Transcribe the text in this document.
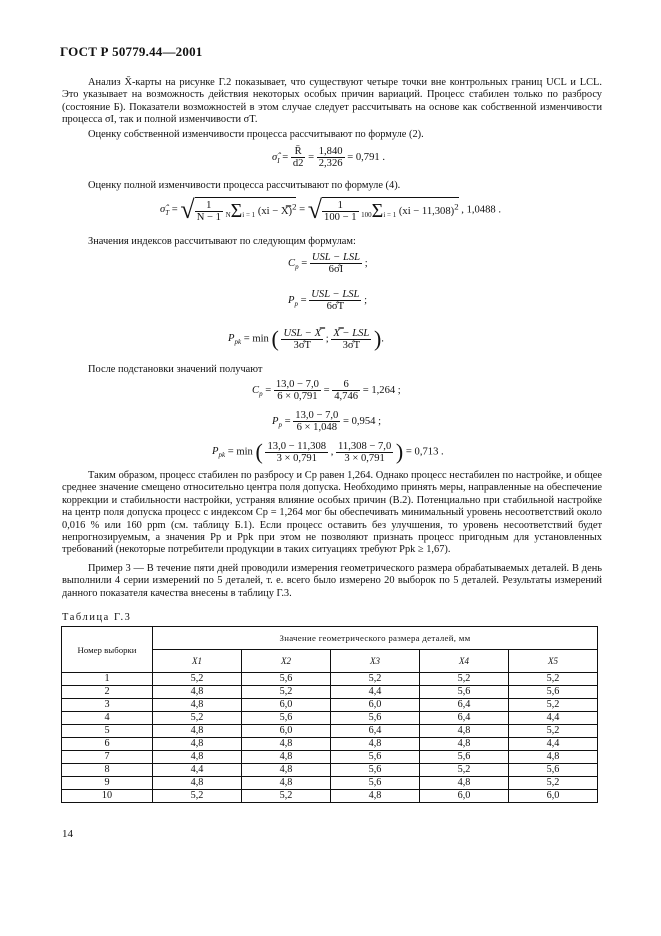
ГОСТ Р 50779.44—2001
Анализ X̄-карты на рисунке Г.2 показывает, что существуют четыре точки вне контрольных границ UCL и LCL. Это указывает на возможность действия некоторых особых причин вариаций. Процесс стабилен только по разбросу (состояние Б). Показатели возможностей в этом случае следует рассчитывать на основе как собственной изменчивости процесса σI, так и полной изменчивости σT.
Оценку собственной изменчивости процесса рассчитывают по формуле (2).
$\sigmâ_I = \frac{R̄}{d2} = \frac{1,840}{2,326} = 0,791$ .
Оценку полной изменчивости процесса рассчитывают по формуле (4).
$\sigmâ_T$ = √ $\frac{1}{N - 1}$ NΣi = 1 (xi − X̿)$^2$ = √ $\frac{1}{100 - 1} 100\Sigma i = 1$ (xi − 11,308)$^2$ , 1,0488 .
Значения индексов рассчитывают по следующим формулам:
$C_p = \frac{\text{USL − LSL}}{6\sigmâI}$ ;
$P_p = \frac{\text{USL − LSL}}{6\sigmâT}$ ;
$P_{pk} = \min$ ( $\frac{\text{USL − X̿}}{3\sigmâT}$ ; $\frac{\text{X̿ − LSL}}{3\sigmâT}$ ).
После подстановки значений получают
$C_p = \frac{13,0 - 7,0}{6 \times 0,791} = \frac{6}{4,746} = 1,264$ ;
$P_p = \frac{13,0 - 7,0}{6 \times 1,048} = 0,954$ ;
$P_{pk} = \min$ ( $\frac{13,0 - 11,308}{3 \times 0,791}$ , $\frac{11,308 - 7,0}{3 \times 0,791}$ ) = 0,713 .
Таким образом, процесс стабилен по разбросу и Cp равен 1,264. Однако процесс нестабилен по настройке, и общее среднее значение смещено относительно центра поля допуска. Необходимо принять меры, направленные на обеспечение коррекции и стабильности настройки, устраняя влияние особых причин (В.2). Потенциально при стабильной настройке на центр поля допуска процесс с индексом Cp = 1,264 мог бы обеспечивать минимальный уровень несоответствий около 0,016 % или 160 ppm (см. таблицу Б.1). Если процесс оставить без улучшения, то уровень несоответствий будет непрогнозируемым, а значения Pp и Ppk при этом не позволяют признать процесс пригодным для установленных требований (некоторые потребители продукции в таких ситуациях требуют Ppk ≥ 1,67).
Пример 3 — В течение пяти дней проводили измерения геометрического размера обрабатываемых деталей. В день выполнили 4 серии измерений по 5 деталей, т. е. всего было измерено 20 выборок по 5 деталей. Результаты измерений данного показателя качества внесены в таблицу Г.3.
Таблица Г.3
Номер выборки	Значение геометрического размера деталей, мм				
	X1	X2	X3	X4	X5
1	5,2	5,6	5,2	5,2	5,2
2	4,8	5,2	4,4	5,6	5,6
3	4,8	6,0	6,0	6,4	5,2
4	5,2	5,6	5,6	6,4	4,4
5	4,8	6,0	6,4	4,8	5,2
6	4,8	4,8	4,8	4,8	4,4
7	4,8	4,8	5,6	5,6	4,8
8	4,4	4,8	5,6	5,2	5,6
9	4,8	4,8	5,6	4,8	5,2
10	5,2	5,2	4,8	6,0	6,0
14
